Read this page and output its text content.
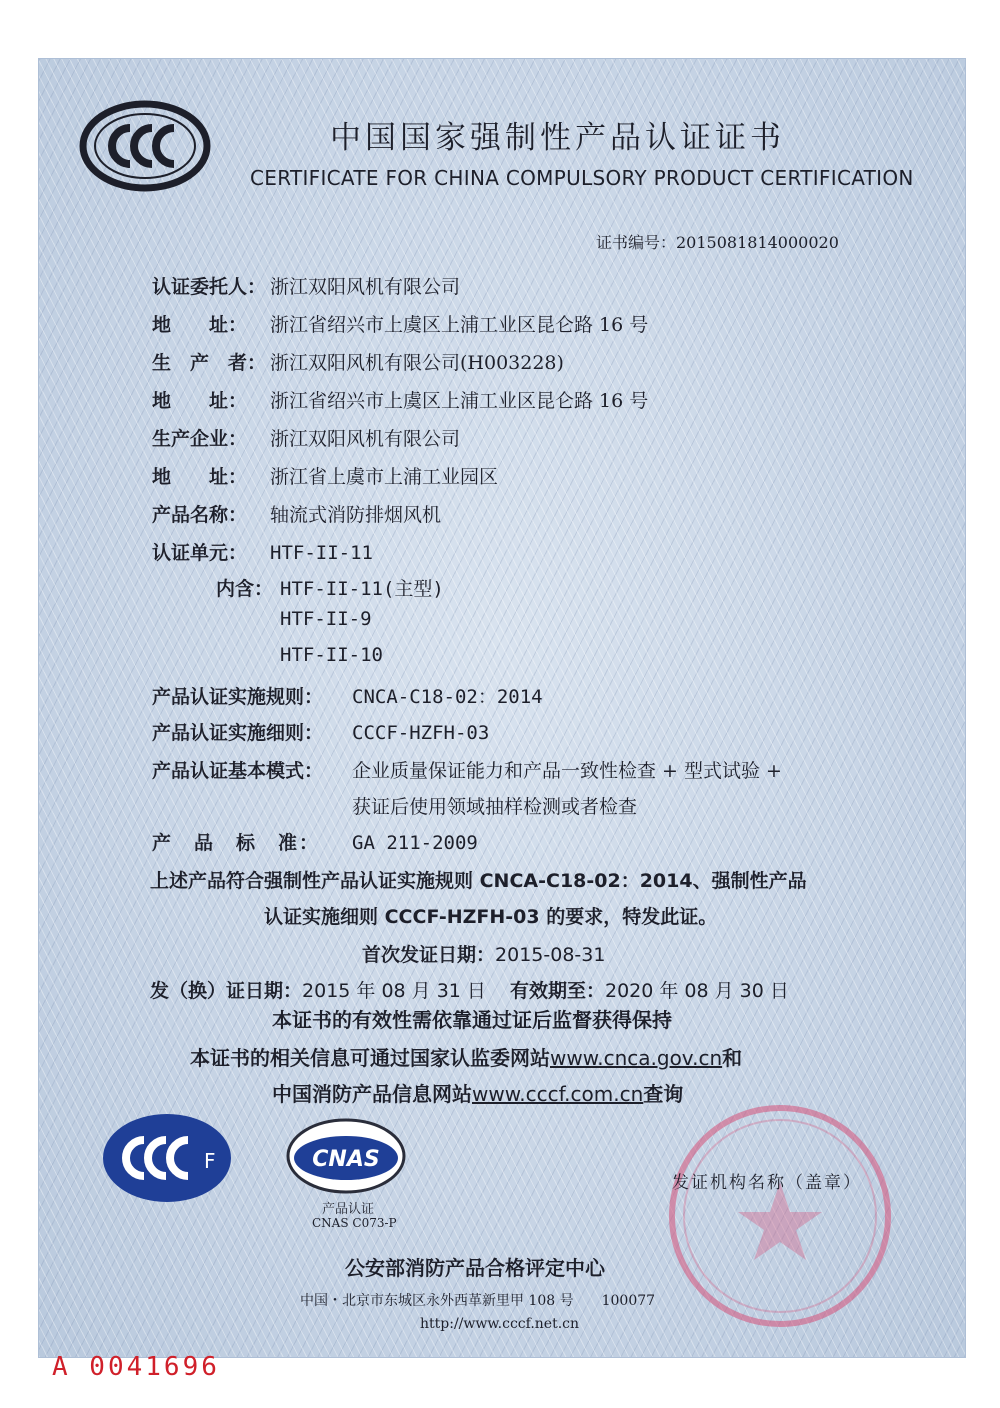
中国国家强制性产品认证证书
CERTIFICATE FOR CHINA COMPULSORY PRODUCT CERTIFICATION
证书编号：2015081814000020
认证委托人： 浙江双阳风机有限公司
地　　址： 浙江省绍兴市上虞区上浦工业区昆仑路 16 号
生　产　者： 浙江双阳风机有限公司(H003228)
地　　址： 浙江省绍兴市上虞区上浦工业区昆仑路 16 号
生产企业： 浙江双阳风机有限公司
地　　址： 浙江省上虞市上浦工业园区
产品名称： 轴流式消防排烟风机
认证单元： HTF-II-11
内含： HTF-II-11(主型)
HTF-II-9
HTF-II-10
产品认证实施规则： CNCA-C18-02：2014
产品认证实施细则： CCCF-HZFH-03
产品认证基本模式： 企业质量保证能力和产品一致性检查 + 型式试验 +
获证后使用领域抽样检测或者检查
产　品　标　准： GA 211-2009
上述产品符合强制性产品认证实施规则 CNCA-C18-02：2014、强制性产品
认证实施细则 CCCF-HZFH-03 的要求，特发此证。
首次发证日期：2015-08-31
发（换）证日期：2015 年 08 月 31 日 有效期至：2020 年 08 月 30 日
本证书的有效性需依靠通过证后监督获得保持
本证书的相关信息可通过国家认监委网站www.cnca.gov.cn和
中国消防产品信息网站www.cccf.com.cn查询
F	CNAS
产品认证
CNAS C073-P
发证机构名称（盖章）
公安部消防产品合格评定中心
中国・北京市东城区永外西革新里甲 108 号　　100077
http://www.cccf.net.cn
A 0041696
